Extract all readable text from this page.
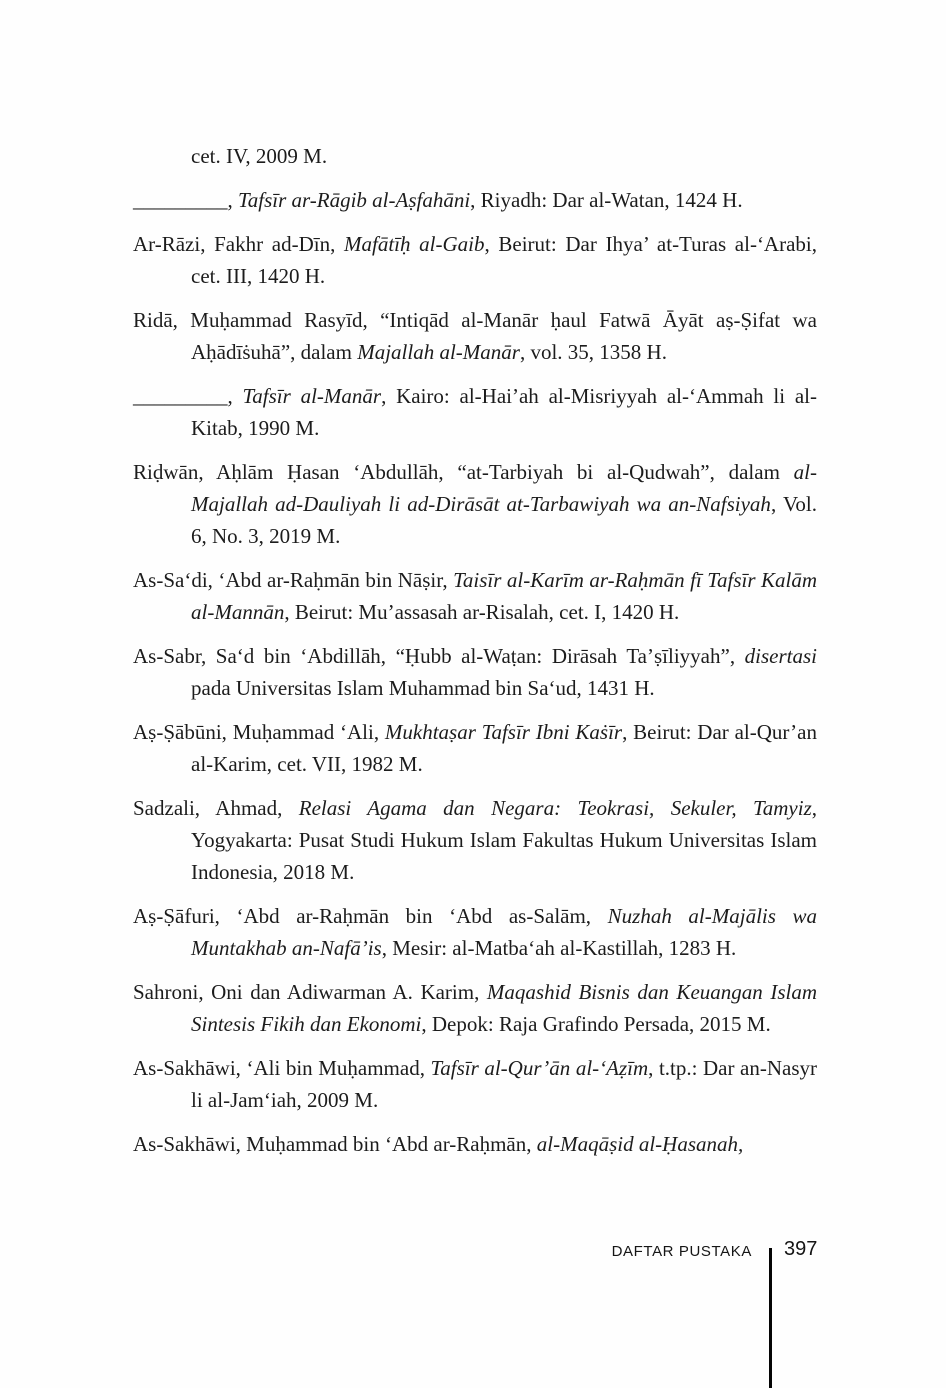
cet. IV, 2009 M.

_________, Tafsīr ar-Rāgib al-Aṣfahāni, Riyadh: Dar al-Watan, 1424 H.

Ar-Rāzi, Fakhr ad-Dīn, Mafātīḥ al-Gaib, Beirut: Dar Ihya’ at-Turas al-‘Arabi, cet. III, 1420 H.

Ridā, Muḥammad Rasyīd, “Intiqād al-Manār ḥaul Fatwā Āyāt aṣ-Ṣifat wa Aḥādīṡuhā”, dalam Majallah al-Manār, vol. 35, 1358 H.

_________, Tafsīr al-Manār, Kairo: al-Hai’ah al-Misriyyah al-‘Ammah li al-Kitab, 1990 M.

Riḍwān, Aḥlām Ḥasan ‘Abdullāh, “at-Tarbiyah bi al-Qudwah”, dalam al-Majallah ad-Dauliyah li ad-Dirāsāt at-Tarbawiyah wa an-Nafsiyah, Vol. 6, No. 3, 2019 M.

As-Sa‘di, ‘Abd ar-Raḥmān bin Nāṣir, Taisīr al-Karīm ar-Raḥmān fī Tafsīr Kalām al-Mannān, Beirut: Mu’assasah ar-Risalah, cet. I, 1420 H.

As-Sabr, Sa‘d bin ‘Abdillāh, “Ḥubb al-Waṭan: Dirāsah Ta’ṣīliyyah”, disertasi pada Universitas Islam Muhammad bin Sa‘ud, 1431 H.

Aṣ-Ṣābūni, Muḥammad ‘Ali, Mukhtaṣar Tafsīr Ibni Kaṡīr, Beirut: Dar al-Qur’an al-Karim, cet. VII, 1982 M.

Sadzali, Ahmad, Relasi Agama dan Negara: Teokrasi, Sekuler, Tamyiz, Yogyakarta: Pusat Studi Hukum Islam Fakultas Hukum Universitas Islam Indonesia, 2018 M.

Aṣ-Ṣāfuri, ‘Abd ar-Raḥmān bin ‘Abd as-Salām, Nuzhah al-Majālis wa Muntakhab an-Nafā’is, Mesir: al-Matba‘ah al-Kastillah, 1283 H.

Sahroni, Oni dan Adiwarman A. Karim, Maqashid Bisnis dan Keuangan Islam Sintesis Fikih dan Ekonomi, Depok: Raja Grafindo Persada, 2015 M.

As-Sakhāwi, ‘Ali bin Muḥammad, Tafsīr al-Qur’ān al-‘Aẓīm, t.tp.: Dar an-Nasyr li al-Jam‘iah, 2009 M.

As-Sakhāwi, Muḥammad bin ‘Abd ar-Raḥmān, al-Maqāṣid al-Ḥasanah,

DAFTAR PUSTAKA 397
